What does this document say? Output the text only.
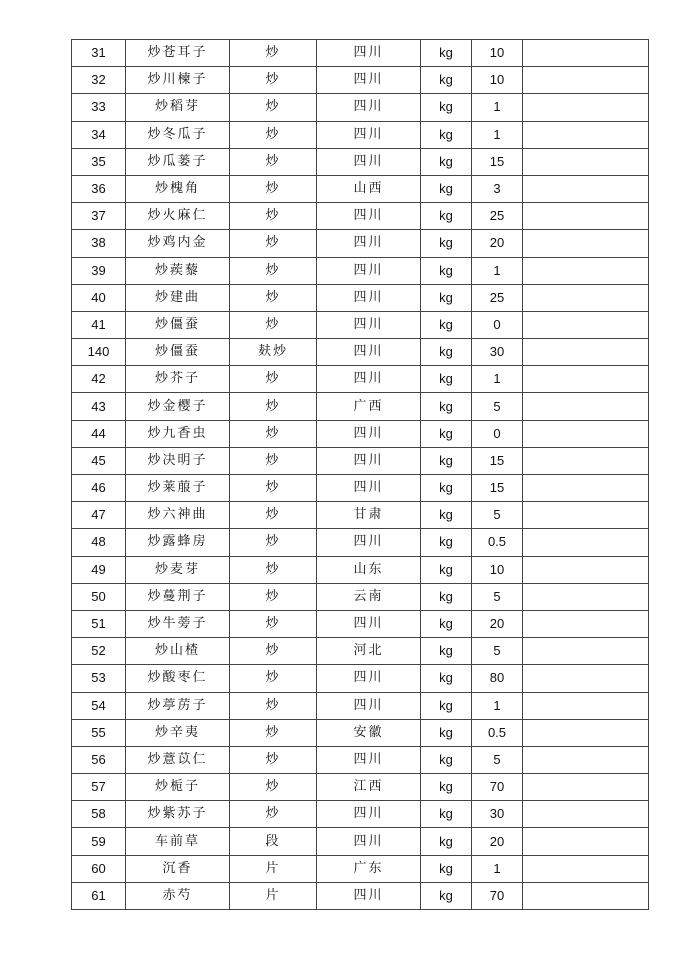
31	炒苍耳子	炒	四川	kg	10	
32	炒川楝子	炒	四川	kg	10	
33	炒稻芽	炒	四川	kg	1	
34	炒冬瓜子	炒	四川	kg	1	
35	炒瓜蒌子	炒	四川	kg	15	
36	炒槐角	炒	山西	kg	3	
37	炒火麻仁	炒	四川	kg	25	
38	炒鸡内金	炒	四川	kg	20	
39	炒蒺藜	炒	四川	kg	1	
40	炒建曲	炒	四川	kg	25	
41	炒僵蚕	炒	四川	kg	0	
140	炒僵蚕	麸炒	四川	kg	30	
42	炒芥子	炒	四川	kg	1	
43	炒金樱子	炒	广西	kg	5	
44	炒九香虫	炒	四川	kg	0	
45	炒决明子	炒	四川	kg	15	
46	炒莱菔子	炒	四川	kg	15	
47	炒六神曲	炒	甘肃	kg	5	
48	炒露蜂房	炒	四川	kg	0.5	
49	炒麦芽	炒	山东	kg	10	
50	炒蔓荆子	炒	云南	kg	5	
51	炒牛蒡子	炒	四川	kg	20	
52	炒山楂	炒	河北	kg	5	
53	炒酸枣仁	炒	四川	kg	80	
54	炒葶苈子	炒	四川	kg	1	
55	炒辛夷	炒	安徽	kg	0.5	
56	炒薏苡仁	炒	四川	kg	5	
57	炒栀子	炒	江西	kg	70	
58	炒紫苏子	炒	四川	kg	30	
59	车前草	段	四川	kg	20	
60	沉香	片	广东	kg	1	
61	赤芍	片	四川	kg	70	
